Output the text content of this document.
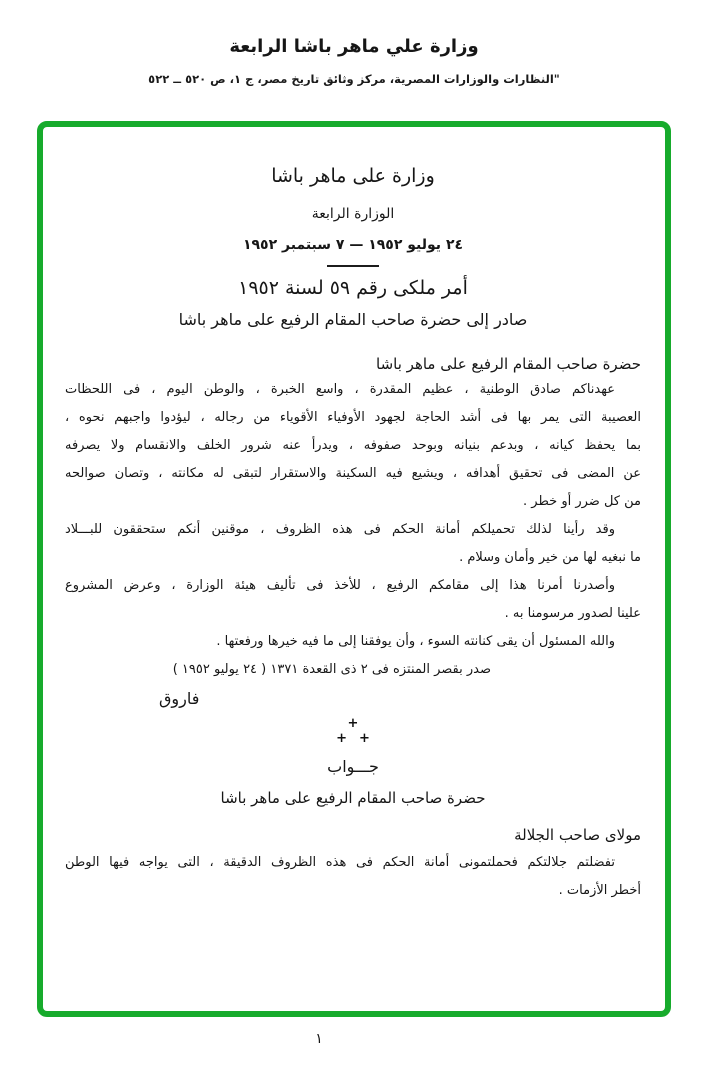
وزارة علي ماهر باشا الرابعة
"النظارات والوزارات المصرية، مركز وثائق تاريخ مصر، ج ١، ص ٥٢٠ ــ ٥٢٢
وزارة على ماهر باشا
الوزارة الرابعة
٢٤ يوليو ١٩٥٢ — ٧ سبتمبر ١٩٥٢
أمر ملكى رقم ٥٩ لسنة ١٩٥٢
صادر إلى حضرة صاحب المقام الرفيع على ماهر باشا
حضرة صاحب المقام الرفيع على ماهر باشا
عهدناكم صادق الوطنية ، عظيم المقدرة ، واسع الخبرة ، والوطن اليوم ، فى اللحظات
العصيبة التى يمر بها فى أشد الحاجة لجهود الأوفياء الأقوياء من رجاله ، ليؤدوا واجبهم نحوه ،
بما يحفظ كيانه ، وبدعم بنيانه وبوحد صفوفه ، ويدرأ عنه شرور الخلف والانقسام ولا يصرفه
عن المضى فى تحقيق أهدافه ، ويشيع فيه السكينة والاستقرار لتبقى له مكانته ، وتصان صوالحه
من كل ضرر أو خطر .
وقد رأينا لذلك تحميلكم أمانة الحكم فى هذه الظروف ، موقنين أنكم ستحققون للبـــلاد
ما نبغيه لها من خير وأمان وسلام .
وأصدرنا أمرنا هذا إلى مقامكم الرفيع ، للأخذ فى تأليف هيئة الوزارة ، وعرض المشروع
علينا لصدور مرسومنا به .
والله المسئول أن يقى كنانته السوء ، وأن يوفقنا إلى ما فيه خيرها ورفعتها .
صدر بقصر المنتزه فى ٢ ذى القعدة ١٣٧١ ( ٢٤ يوليو ١٩٥٢ )
فاروق
+
++
جـــواب
حضرة صاحب المقام الرفيع على ماهر باشا
مولاى صاحب الجلالة
تفضلتم جلالتكم فحملتمونى أمانة الحكم فى هذه الظروف الدقيقة ، التى يواجه فيها الوطن
أخطر الأزمات .
١
